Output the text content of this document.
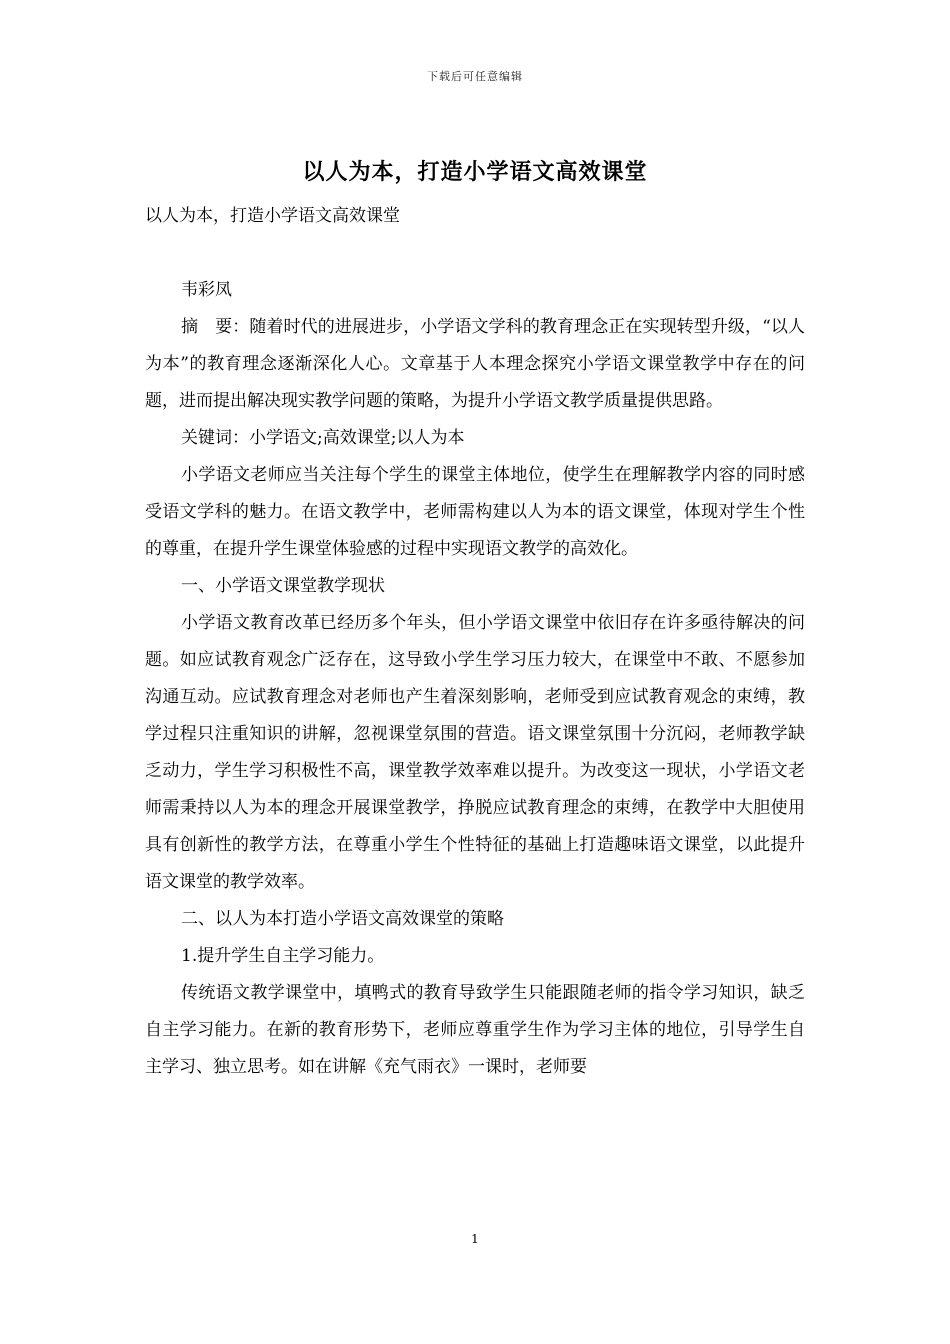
下载后可任意编辑
以人为本，打造小学语文高效课堂

以人为本，打造小学语文高效课堂

韦彩凤

摘　要：随着时代的进展进步，小学语文学科的教育理念正在实现转型升级，“以人为本”的教育理念逐渐深化人心。文章基于人本理念探究小学语文课堂教学中存在的问题，进而提出解决现实教学问题的策略，为提升小学语文教学质量提供思路。

关键词：小学语文;高效课堂;以人为本

小学语文老师应当关注每个学生的课堂主体地位，使学生在理解教学内容的同时感受语文学科的魅力。在语文教学中，老师需构建以人为本的语文课堂，体现对学生个性的尊重，在提升学生课堂体验感的过程中实现语文教学的高效化。

一、小学语文课堂教学现状

小学语文教育改革已经历多个年头，但小学语文课堂中依旧存在许多亟待解决的问题。如应试教育观念广泛存在，这导致小学生学习压力较大，在课堂中不敢、不愿参加沟通互动。应试教育理念对老师也产生着深刻影响，老师受到应试教育观念的束缚，教学过程只注重知识的讲解，忽视课堂氛围的营造。语文课堂氛围十分沉闷，老师教学缺乏动力，学生学习积极性不高，课堂教学效率难以提升。为改变这一现状，小学语文老师需秉持以人为本的理念开展课堂教学，挣脱应试教育理念的束缚，在教学中大胆使用具有创新性的教学方法，在尊重小学生个性特征的基础上打造趣味语文课堂，以此提升语文课堂的教学效率。

二、以人为本打造小学语文高效课堂的策略

1.提升学生自主学习能力。

传统语文教学课堂中，填鸭式的教育导致学生只能跟随老师的指令学习知识，缺乏自主学习能力。在新的教育形势下，老师应尊重学生作为学习主体的地位，引导学生自主学习、独立思考。如在讲解《充气雨衣》一课时，老师要

1
